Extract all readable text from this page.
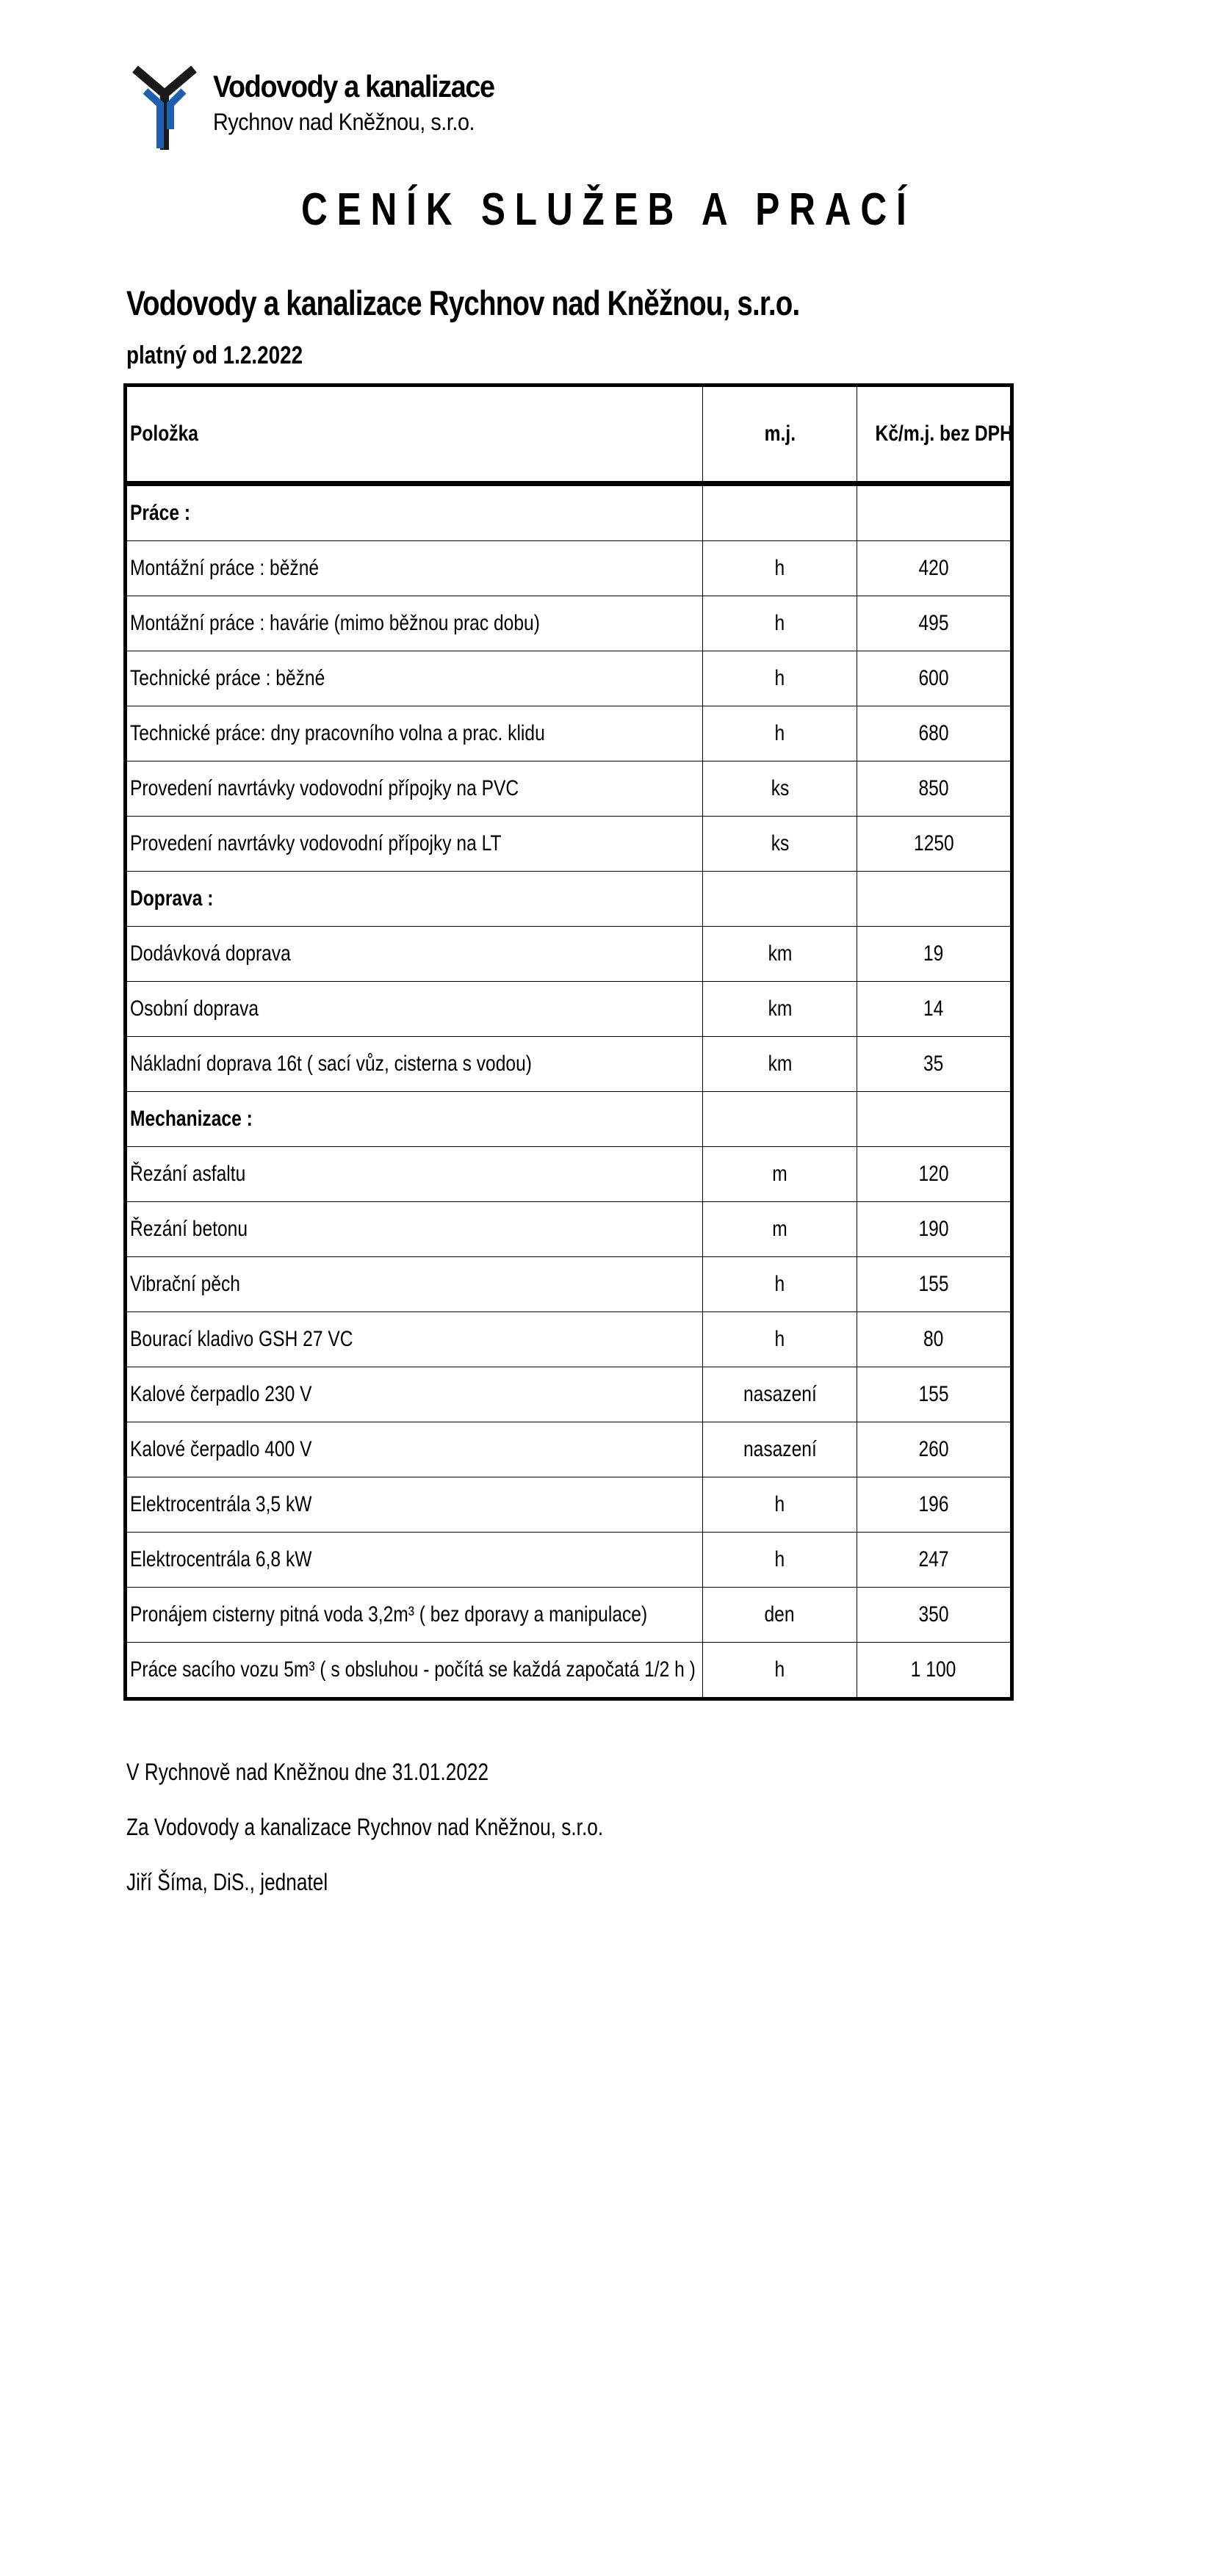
Vodovody a kanalizace
Rychnov nad Kněžnou, s.r.o.
CENÍK SLUŽEB A PRACÍ
Vodovody a kanalizace Rychnov nad Kněžnou, s.r.o.
platný od 1.2.2022
Položka	m.j.	Kč/m.j. bez DPH
Práce :		
Montážní práce : běžné	h	420
Montážní práce : havárie (mimo běžnou prac dobu)	h	495
Technické práce : běžné	h	600
Technické práce: dny pracovního volna a prac. klidu	h	680
Provedení navrtávky vodovodní přípojky na PVC	ks	850
Provedení navrtávky vodovodní přípojky na LT	ks	1250
Doprava :		
Dodávková doprava	km	19
Osobní doprava	km	14
Nákladní doprava 16t ( sací vůz, cisterna s vodou)	km	35
Mechanizace :		
Řezání asfaltu	m	120
Řezání betonu	m	190
Vibrační pěch	h	155
Bourací kladivo GSH 27 VC	h	80
Kalové čerpadlo 230 V	nasazení	155
Kalové čerpadlo 400 V	nasazení	260
Elektrocentrála 3,5 kW	h	196
Elektrocentrála 6,8 kW	h	247
Pronájem cisterny pitná voda 3,2m³ ( bez dporavy a manipulace)	den	350
Práce sacího vozu 5m³ ( s obsluhou - počítá se každá započatá 1/2 h )	h	1 100
V Rychnově nad Kněžnou dne 31.01.2022
Za Vodovody a kanalizace Rychnov nad Kněžnou, s.r.o.
Jiří Šíma, DiS., jednatel
